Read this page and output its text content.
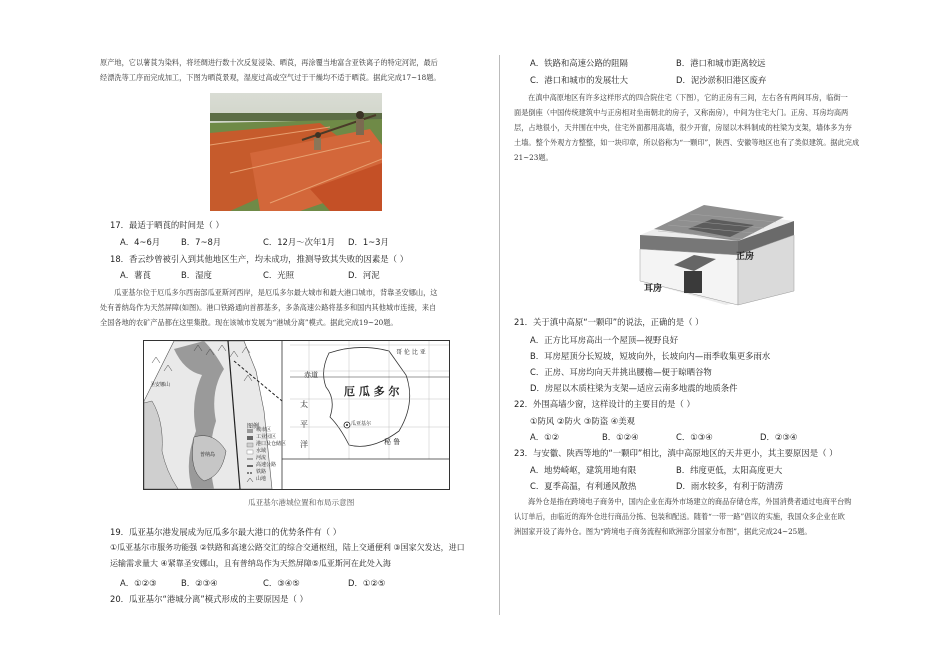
原产地，它以薯莨为染料，将坯绸进行数十次反复浸染、晒莨，再涂覆当地富含亚铁离子的特定河泥，最后
经漂洗等工序而完成加工，下图为晒莨景观，湿度过高或空气过于干燥均不适于晒莨。据此完成17~18题。
17．最适于晒莨的时间是（ ）
A．4~6月 B．7~8月	C．12月～次年1月 D．1~3月
18．香云纱曾被引入到其他地区生产，均未成功，推测导致其失败的因素是（ ）
A．薯莨	B．湿度	C．光照	D．河泥
瓜亚基尔位于厄瓜多尔西南部瓜亚斯河西岸，是厄瓜多尔最大城市和最大港口城市，背靠圣安娜山，这
处有普纳岛作为天然屏障(如图)。港口铁路通向首都基多，多条高速公路将基多和国内其他城市连接，来自
全国各地的农矿产品都在这里集散。现在该城市发展为“港城分离”模式。据此完成19~20题。
赤道
厄 瓜 多 尔
哥 伦 比 亚
秘 鲁
太
平
洋
瓜亚基尔
圣安娜山
普纳岛
图例
城市区
工业园区
港口及仓储区
水域
河流
高速公路
铁路
山地
瓜亚基尔港城位置和布局示意图
19．瓜亚基尔港发展成为厄瓜多尔最大港口的优势条件有（ ）
①瓜亚基尔市服务功能强 ②铁路和高速公路交汇的综合交通枢纽，陆上交通便利 ③国家欠发达，进口
运输需求量大 ④紧靠圣安娜山，且有普纳岛作为天然屏障⑤瓜亚斯河在此处入海
A．①②③	B．②③④	C．③④⑤	D．①②⑤
20．瓜亚基尔“港城分离”模式形成的主要原因是（ ）
A．铁路和高速公路的阻隔	B．港口和城市距离较远
C．港口和城市的发展壮大	D．泥沙淤积旧港区废弃
在滇中高原地区有许多这样形式的四合院住宅（下图），它的正房有三间，左右各有两间耳房，临街一
面是倒座（中国传统建筑中与正房相对坐南朝北的房子，又称南房），中间为住宅大门。正房、耳房均高两
层，占地很小，天井围在中央，住宅外面都用高墙，很少开窗，房屋以木料制成的柱梁为支架，墙体多为夯
土墙。整个外观方方整整，如一块印章，所以俗称为“一颗印”，陕西、安徽等地区也有了类似建筑。据此完成
21~23题。
正房
耳房
21．关于滇中高原“一颗印”的说法，正确的是（ ）
A．正方比耳房高出一个屋顶—视野良好
B．耳房屋顶分长短坡，短坡向外，长坡向内—雨季收集更多雨水
C．正房、耳房均向天井挑出腰檐—便于晾晒谷物
D．房屋以木质柱梁为支架—适应云南多地震的地质条件
22．外围高墙少窗，这样设计的主要目的是（ ）
①防风 ②防火 ③防盗 ④美观
A．①②	B．①②④	C．①③④	D．②③④
23．与安徽、陕西等地的“一颗印”相比，滇中高原地区的天井更小，其主要原因是（ ）
A．地势崎岖，建筑用地有限	B．纬度更低，太阳高度更大
C．夏季高温，有利通风散热	D．雨水较多，有利于防清涝
海外仓是指在跨境电子商务中，国内企业在海外市场建立的商品存储仓库，外国消费者通过电商平台购
认订单后，由临近的海外仓进行商品分拣、包装和配送。随着“一带一路”倡议的实施，我国众多企业在欧
洲国家开设了海外仓。图为“跨境电子商务流程和欧洲部分国家分布图”，据此完成24~25题。
